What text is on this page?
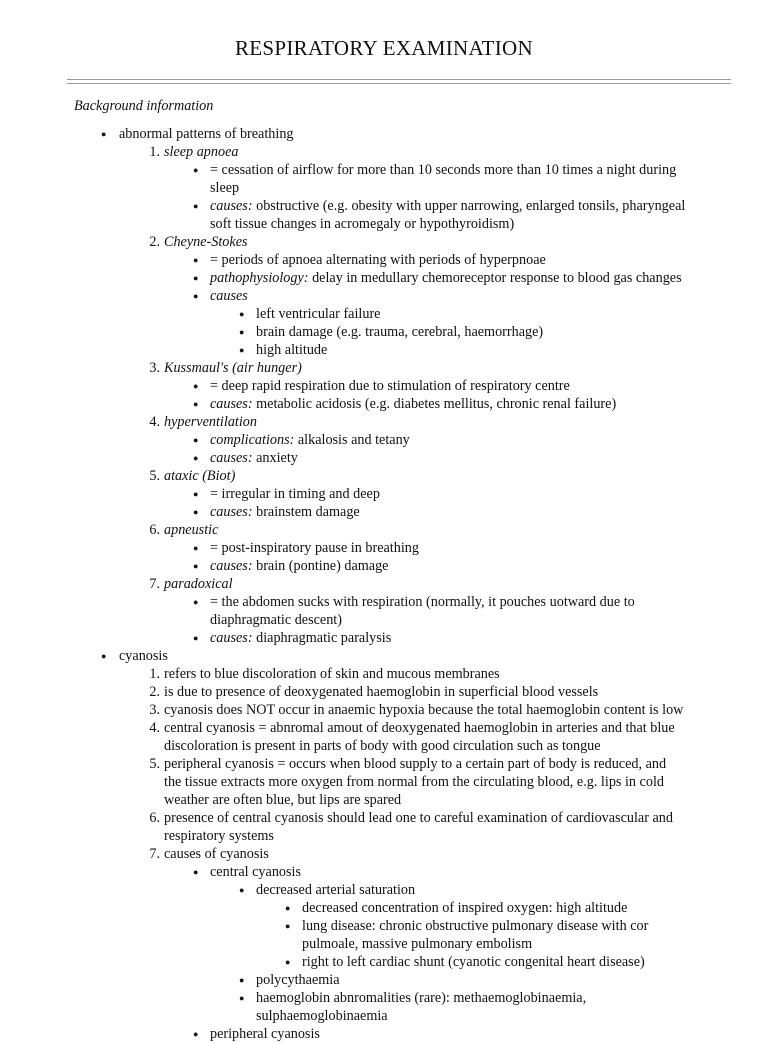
RESPIRATORY EXAMINATION
Background information
● abnormal patterns of breathing
1. sleep apnoea
● = cessation of airflow for more than 10 seconds more than 10 times a night during
sleep
● causes: obstructive (e.g. obesity with upper narrowing, enlarged tonsils, pharyngeal
soft tissue changes in acromegaly or hypothyroidism)
2. Cheyne-Stokes
● = periods of apnoea alternating with periods of hyperpnoae
● pathophysiology: delay in medullary chemoreceptor response to blood gas changes
● causes
● left ventricular failure
● brain damage (e.g. trauma, cerebral, haemorrhage)
● high altitude
3. Kussmaul's (air hunger)
● = deep rapid respiration due to stimulation of respiratory centre
● causes: metabolic acidosis (e.g. diabetes mellitus, chronic renal failure)
4. hyperventilation
● complications: alkalosis and tetany
● causes: anxiety
5. ataxic (Biot)
● = irregular in timing and deep
● causes: brainstem damage
6. apneustic
● = post-inspiratory pause in breathing
● causes: brain (pontine) damage
7. paradoxical
● = the abdomen sucks with respiration (normally, it pouches uotward due to
diaphragmatic descent)
● causes: diaphragmatic paralysis
● cyanosis
1. refers to blue discoloration of skin and mucous membranes
2. is due to presence of deoxygenated haemoglobin in superficial blood vessels
3. cyanosis does NOT occur in anaemic hypoxia because the total haemoglobin content is low
4. central cyanosis = abnromal amout of deoxygenated haemoglobin in arteries and that blue
discoloration is present in parts of body with good circulation such as tongue
5. peripheral cyanosis = occurs when blood supply to a certain part of body is reduced, and
the tissue extracts more oxygen from normal from the circulating blood, e.g. lips in cold
weather are often blue, but lips are spared
6. presence of central cyanosis should lead one to careful examination of cardiovascular and
respiratory systems
7. causes of cyanosis
● central cyanosis
● decreased arterial saturation
● decreased concentration of inspired oxygen: high altitude
● lung disease: chronic obstructive pulmonary disease with cor
pulmoale, massive pulmonary embolism
● right to left cardiac shunt (cyanotic congenital heart disease)
● polycythaemia
● haemoglobin abnromalities (rare): methaemoglobinaemia,
sulphaemoglobinaemia
● peripheral cyanosis
